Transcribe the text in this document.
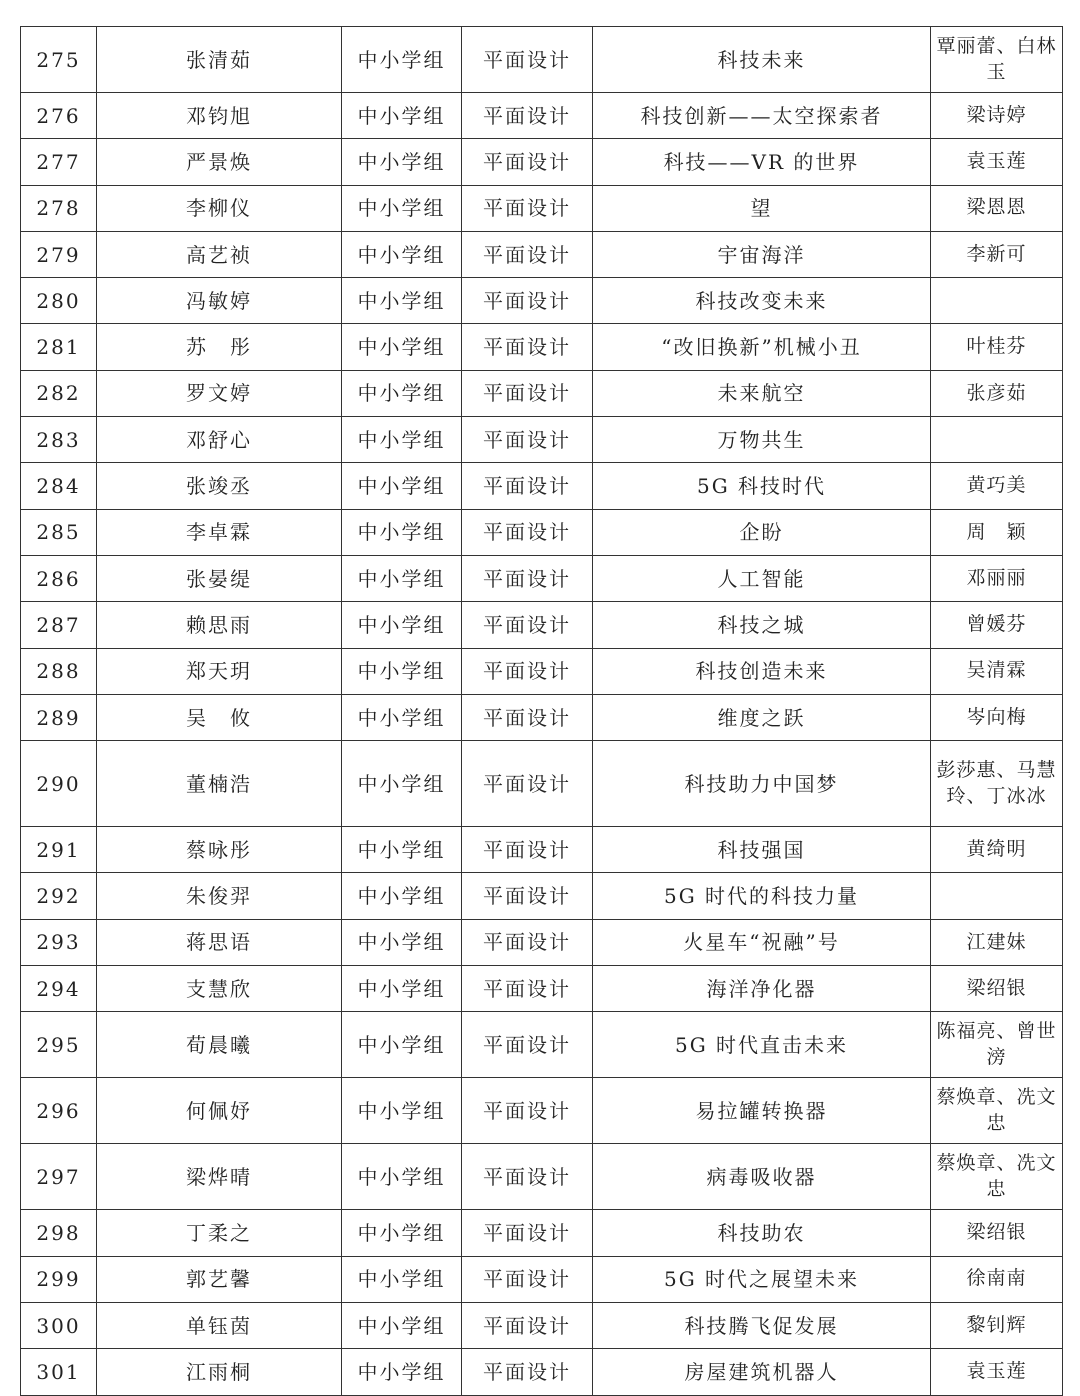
275	张清茹	中小学组	平面设计	科技未来	覃丽蕾、白林玉
276	邓钧旭	中小学组	平面设计	科技创新——太空探索者	梁诗婷
277	严景焕	中小学组	平面设计	科技——VR 的世界	袁玉莲
278	李柳仪	中小学组	平面设计	望	梁恩恩
279	高艺祯	中小学组	平面设计	宇宙海洋	李新可
280	冯敏婷	中小学组	平面设计	科技改变未来	
281	苏　彤	中小学组	平面设计	“改旧换新”机械小丑	叶桂芬
282	罗文婷	中小学组	平面设计	未来航空	张彦茹
283	邓舒心	中小学组	平面设计	万物共生	
284	张竣丞	中小学组	平面设计	5G 科技时代	黄巧美
285	李卓霖	中小学组	平面设计	企盼	周　颖
286	张晏缇	中小学组	平面设计	人工智能	邓丽丽
287	赖思雨	中小学组	平面设计	科技之城	曾媛芬
288	郑天玥	中小学组	平面设计	科技创造未来	吴清霖
289	吴　攸	中小学组	平面设计	维度之跃	岑向梅
290	董楠浩	中小学组	平面设计	科技助力中国梦	彭莎惠、马慧玲、丁冰冰
291	蔡咏彤	中小学组	平面设计	科技强国	黄绮明
292	朱俊羿	中小学组	平面设计	5G 时代的科技力量	
293	蒋思语	中小学组	平面设计	火星车“祝融”号	江建妹
294	支慧欣	中小学组	平面设计	海洋净化器	梁绍银
295	荀晨曦	中小学组	平面设计	5G 时代直击未来	陈福亮、曾世滂
296	何佩妤	中小学组	平面设计	易拉罐转换器	蔡焕章、冼文忠
297	梁烨晴	中小学组	平面设计	病毒吸收器	蔡焕章、冼文忠
298	丁柔之	中小学组	平面设计	科技助农	梁绍银
299	郭艺馨	中小学组	平面设计	5G 时代之展望未来	徐南南
300	单钰茵	中小学组	平面设计	科技腾飞促发展	黎钊辉
301	江雨桐	中小学组	平面设计	房屋建筑机器人	袁玉莲
